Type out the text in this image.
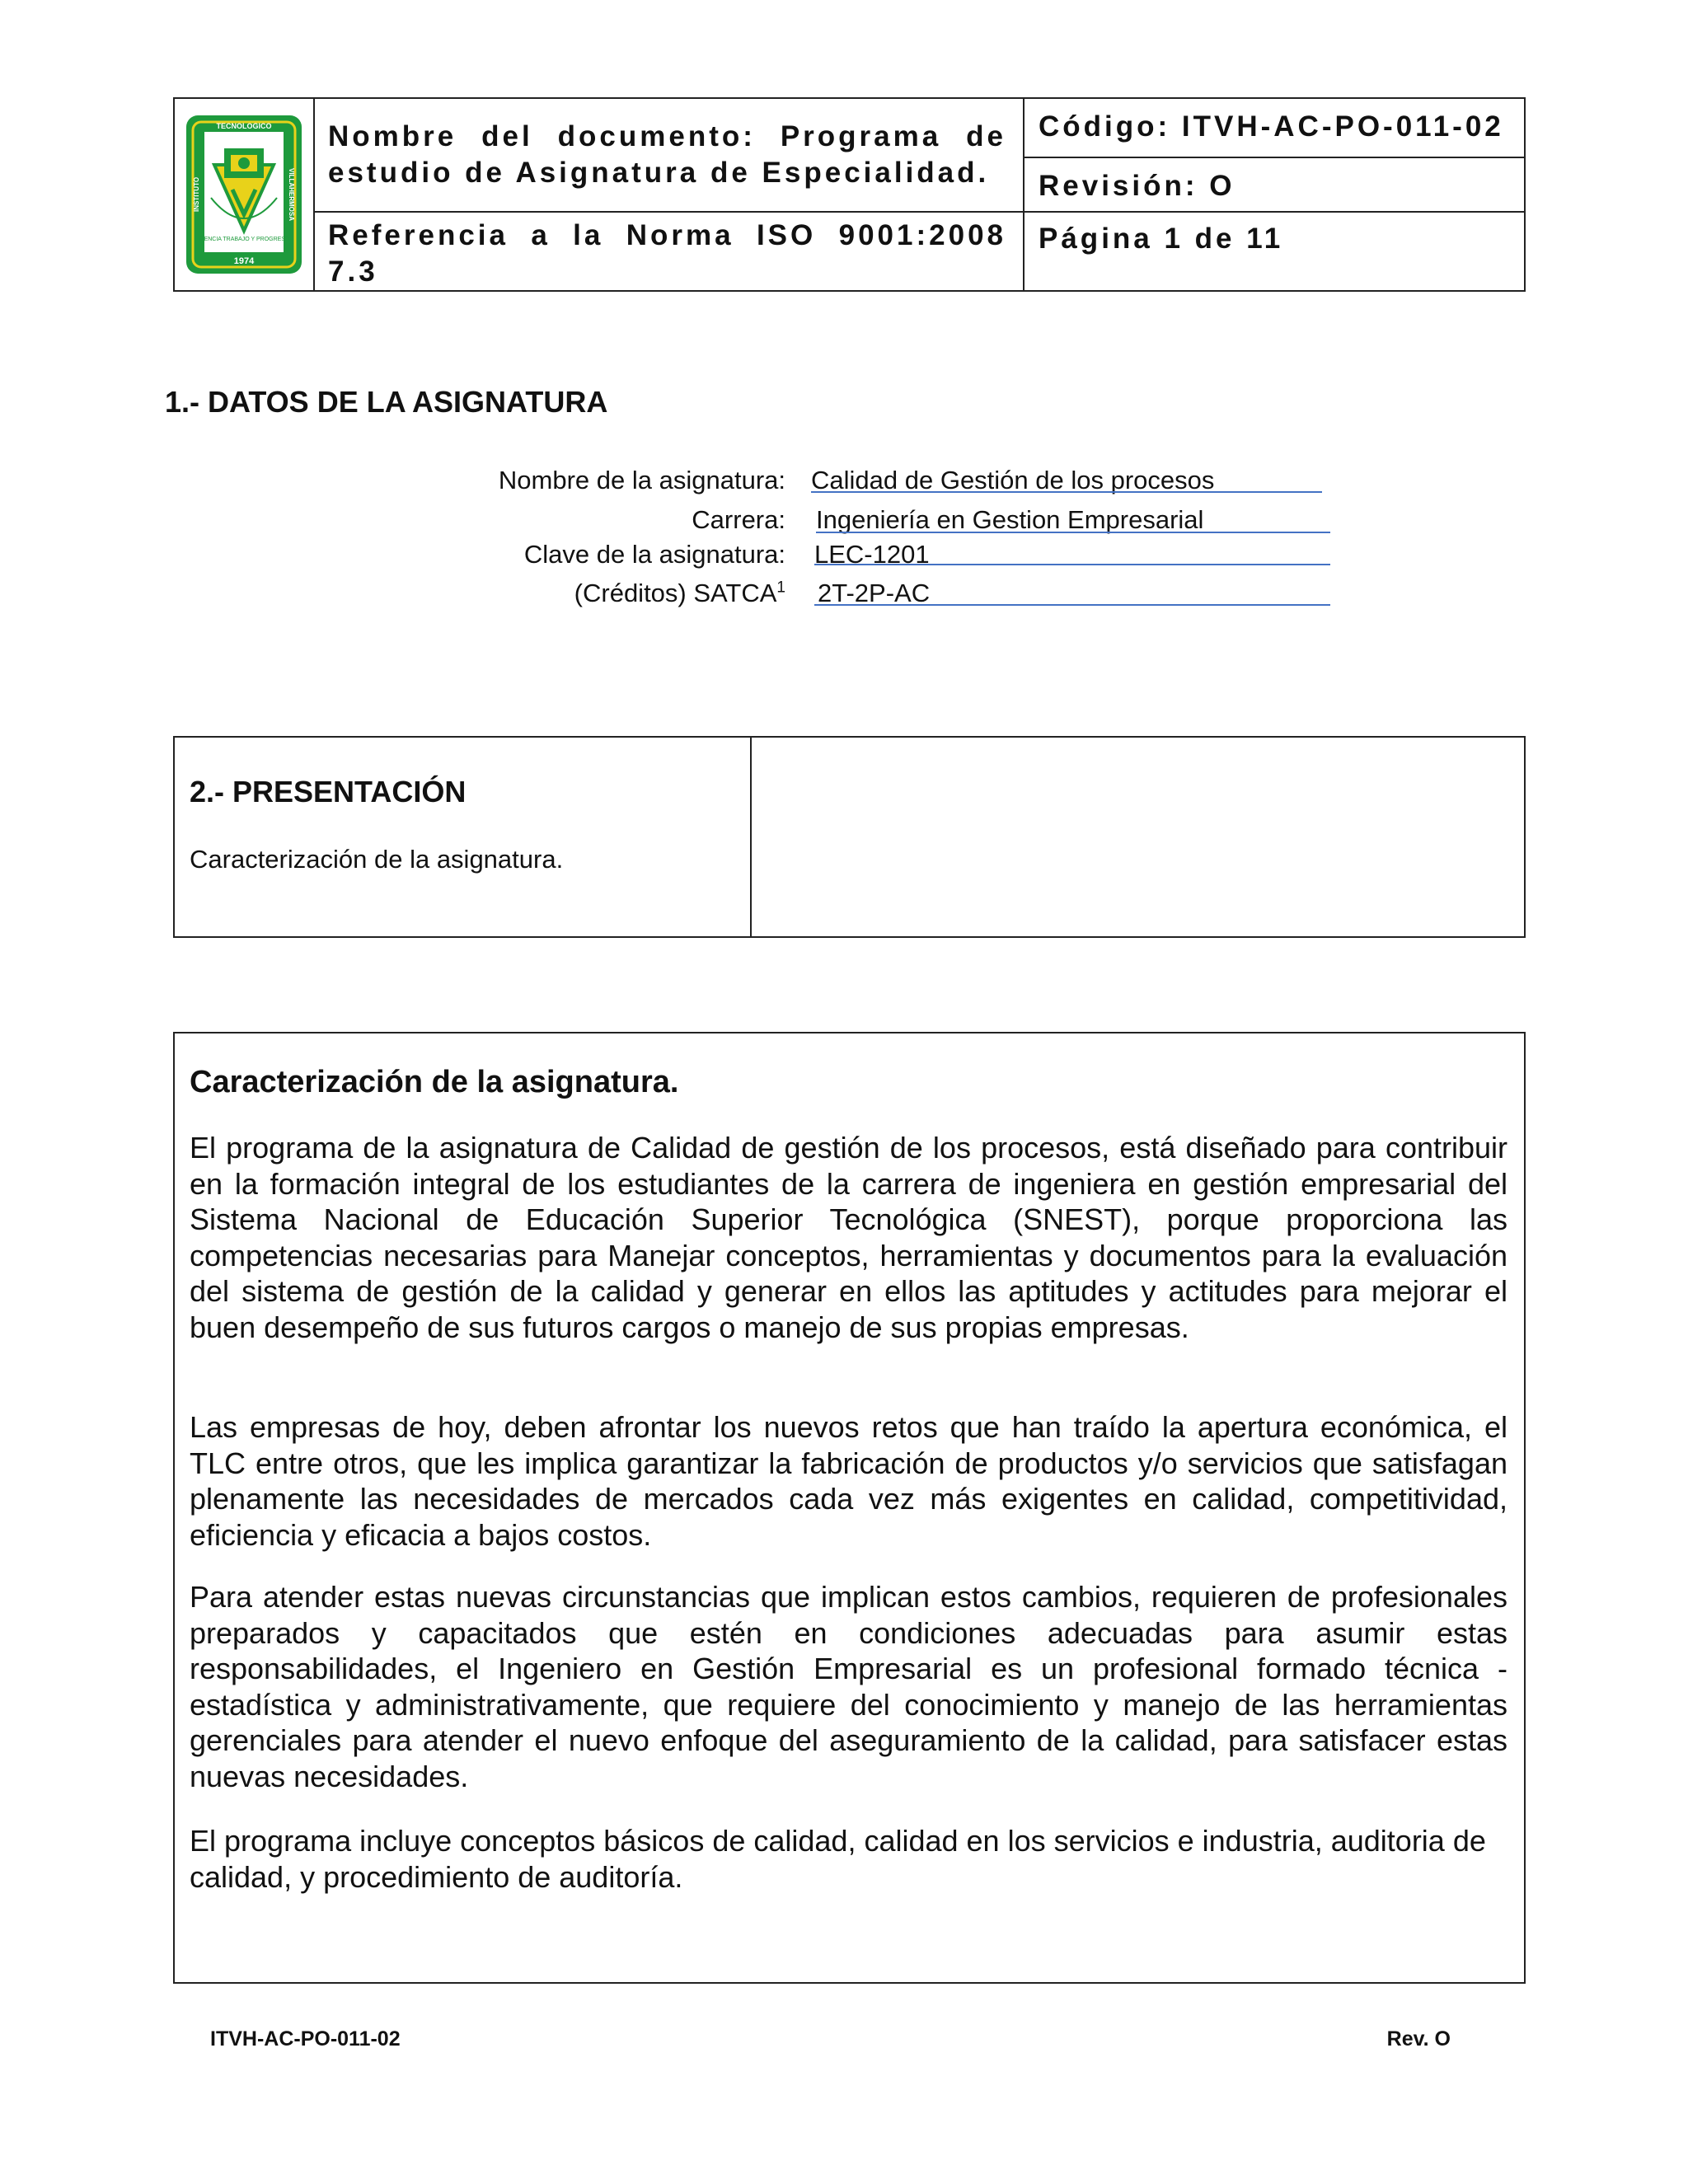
TECNOLOGICO
INSTITUTO	VILLAHERMOSA
CIENCIA TRABAJO Y PROGRESO
1974
Nombre del documento: Programa de estudio de Asignatura de Especialidad.
Referencia a la Norma ISO 9001:2008 7.3
Código: ITVH-AC-PO-011-02
Revisión: O
Página 1 de 11
1.- DATOS DE LA ASIGNATURA
Nombre de la asignatura: Calidad de Gestión de los procesos
Carrera: Ingeniería en Gestion Empresarial
Clave de la asignatura: LEC-1201
(Créditos) SATCA$^1$ 2T-2P-AC
2.- PRESENTACIÓN
Caracterización de la asignatura.
Caracterización de la asignatura.

El programa de la asignatura de Calidad de gestión de los procesos, está diseñado para contribuir en la formación integral de los estudiantes de la carrera de ingeniera en gestión empresarial del Sistema Nacional de Educación Superior Tecnológica (SNEST), porque proporciona las competencias necesarias para Manejar conceptos, herramientas y documentos para la evaluación del sistema de gestión de la calidad y generar en ellos las aptitudes y actitudes para mejorar el buen desempeño de sus futuros cargos o manejo de sus propias empresas.

Las empresas de hoy, deben afrontar los nuevos retos que han traído la apertura económica, el TLC entre otros, que les implica garantizar la fabricación de productos y/o servicios que satisfagan plenamente las necesidades de mercados cada vez más exigentes en calidad, competitividad, eficiencia y eficacia a bajos costos.

Para atender estas nuevas circunstancias que implican estos cambios, requieren de profesionales preparados y capacitados que estén en condiciones adecuadas para asumir estas responsabilidades, el Ingeniero en Gestión Empresarial es un profesional formado técnica - estadística y administrativamente, que requiere del conocimiento y manejo de las herramientas gerenciales para atender el nuevo enfoque del aseguramiento de la calidad, para satisfacer estas nuevas necesidades.

El programa incluye conceptos básicos de calidad, calidad en los servicios e industria, auditoria de calidad, y procedimiento de auditoría.

ITVH-AC-PO-011-02	Rev. O
